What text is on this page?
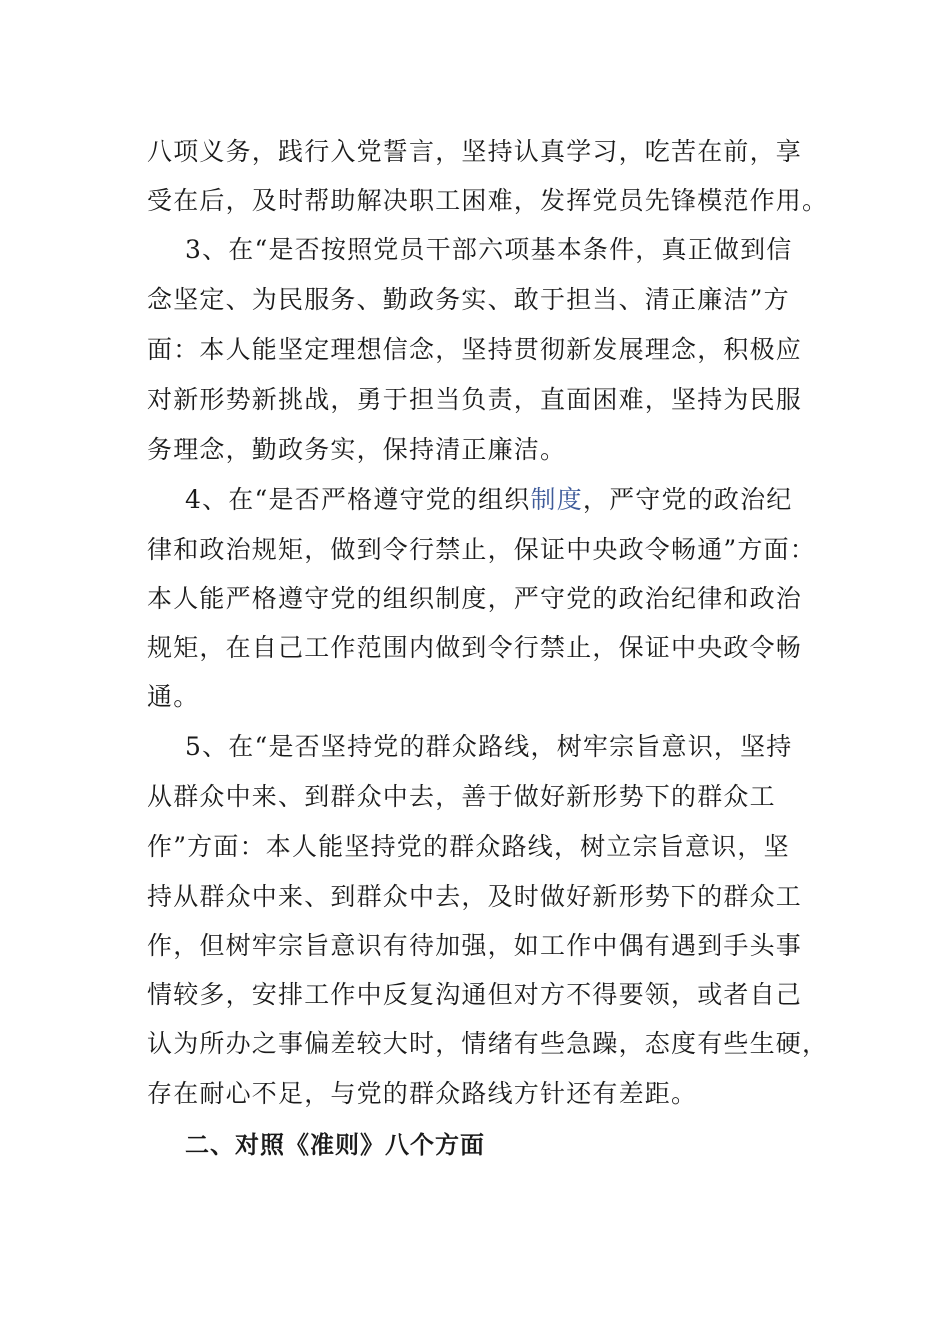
八项义务，践行入党誓言，坚持认真学习，吃苦在前，享
受在后，及时帮助解决职工困难，发挥党员先锋模范作用。
3、在“是否按照党员干部六项基本条件，真正做到信
念坚定、为民服务、勤政务实、敢于担当、清正廉洁”方
面：本人能坚定理想信念，坚持贯彻新发展理念，积极应
对新形势新挑战，勇于担当负责，直面困难，坚持为民服
务理念，勤政务实，保持清正廉洁。
4、在“是否严格遵守党的组织制度，严守党的政治纪
律和政治规矩，做到令行禁止，保证中央政令畅通”方面：
本人能严格遵守党的组织制度，严守党的政治纪律和政治
规矩，在自己工作范围内做到令行禁止，保证中央政令畅
通。
5、在“是否坚持党的群众路线，树牢宗旨意识，坚持
从群众中来、到群众中去，善于做好新形势下的群众工
作”方面：本人能坚持党的群众路线，树立宗旨意识，坚
持从群众中来、到群众中去，及时做好新形势下的群众工
作，但树牢宗旨意识有待加强，如工作中偶有遇到手头事
情较多，安排工作中反复沟通但对方不得要领，或者自己
认为所办之事偏差较大时，情绪有些急躁，态度有些生硬，
存在耐心不足，与党的群众路线方针还有差距。
二、对照《准则》八个方面
